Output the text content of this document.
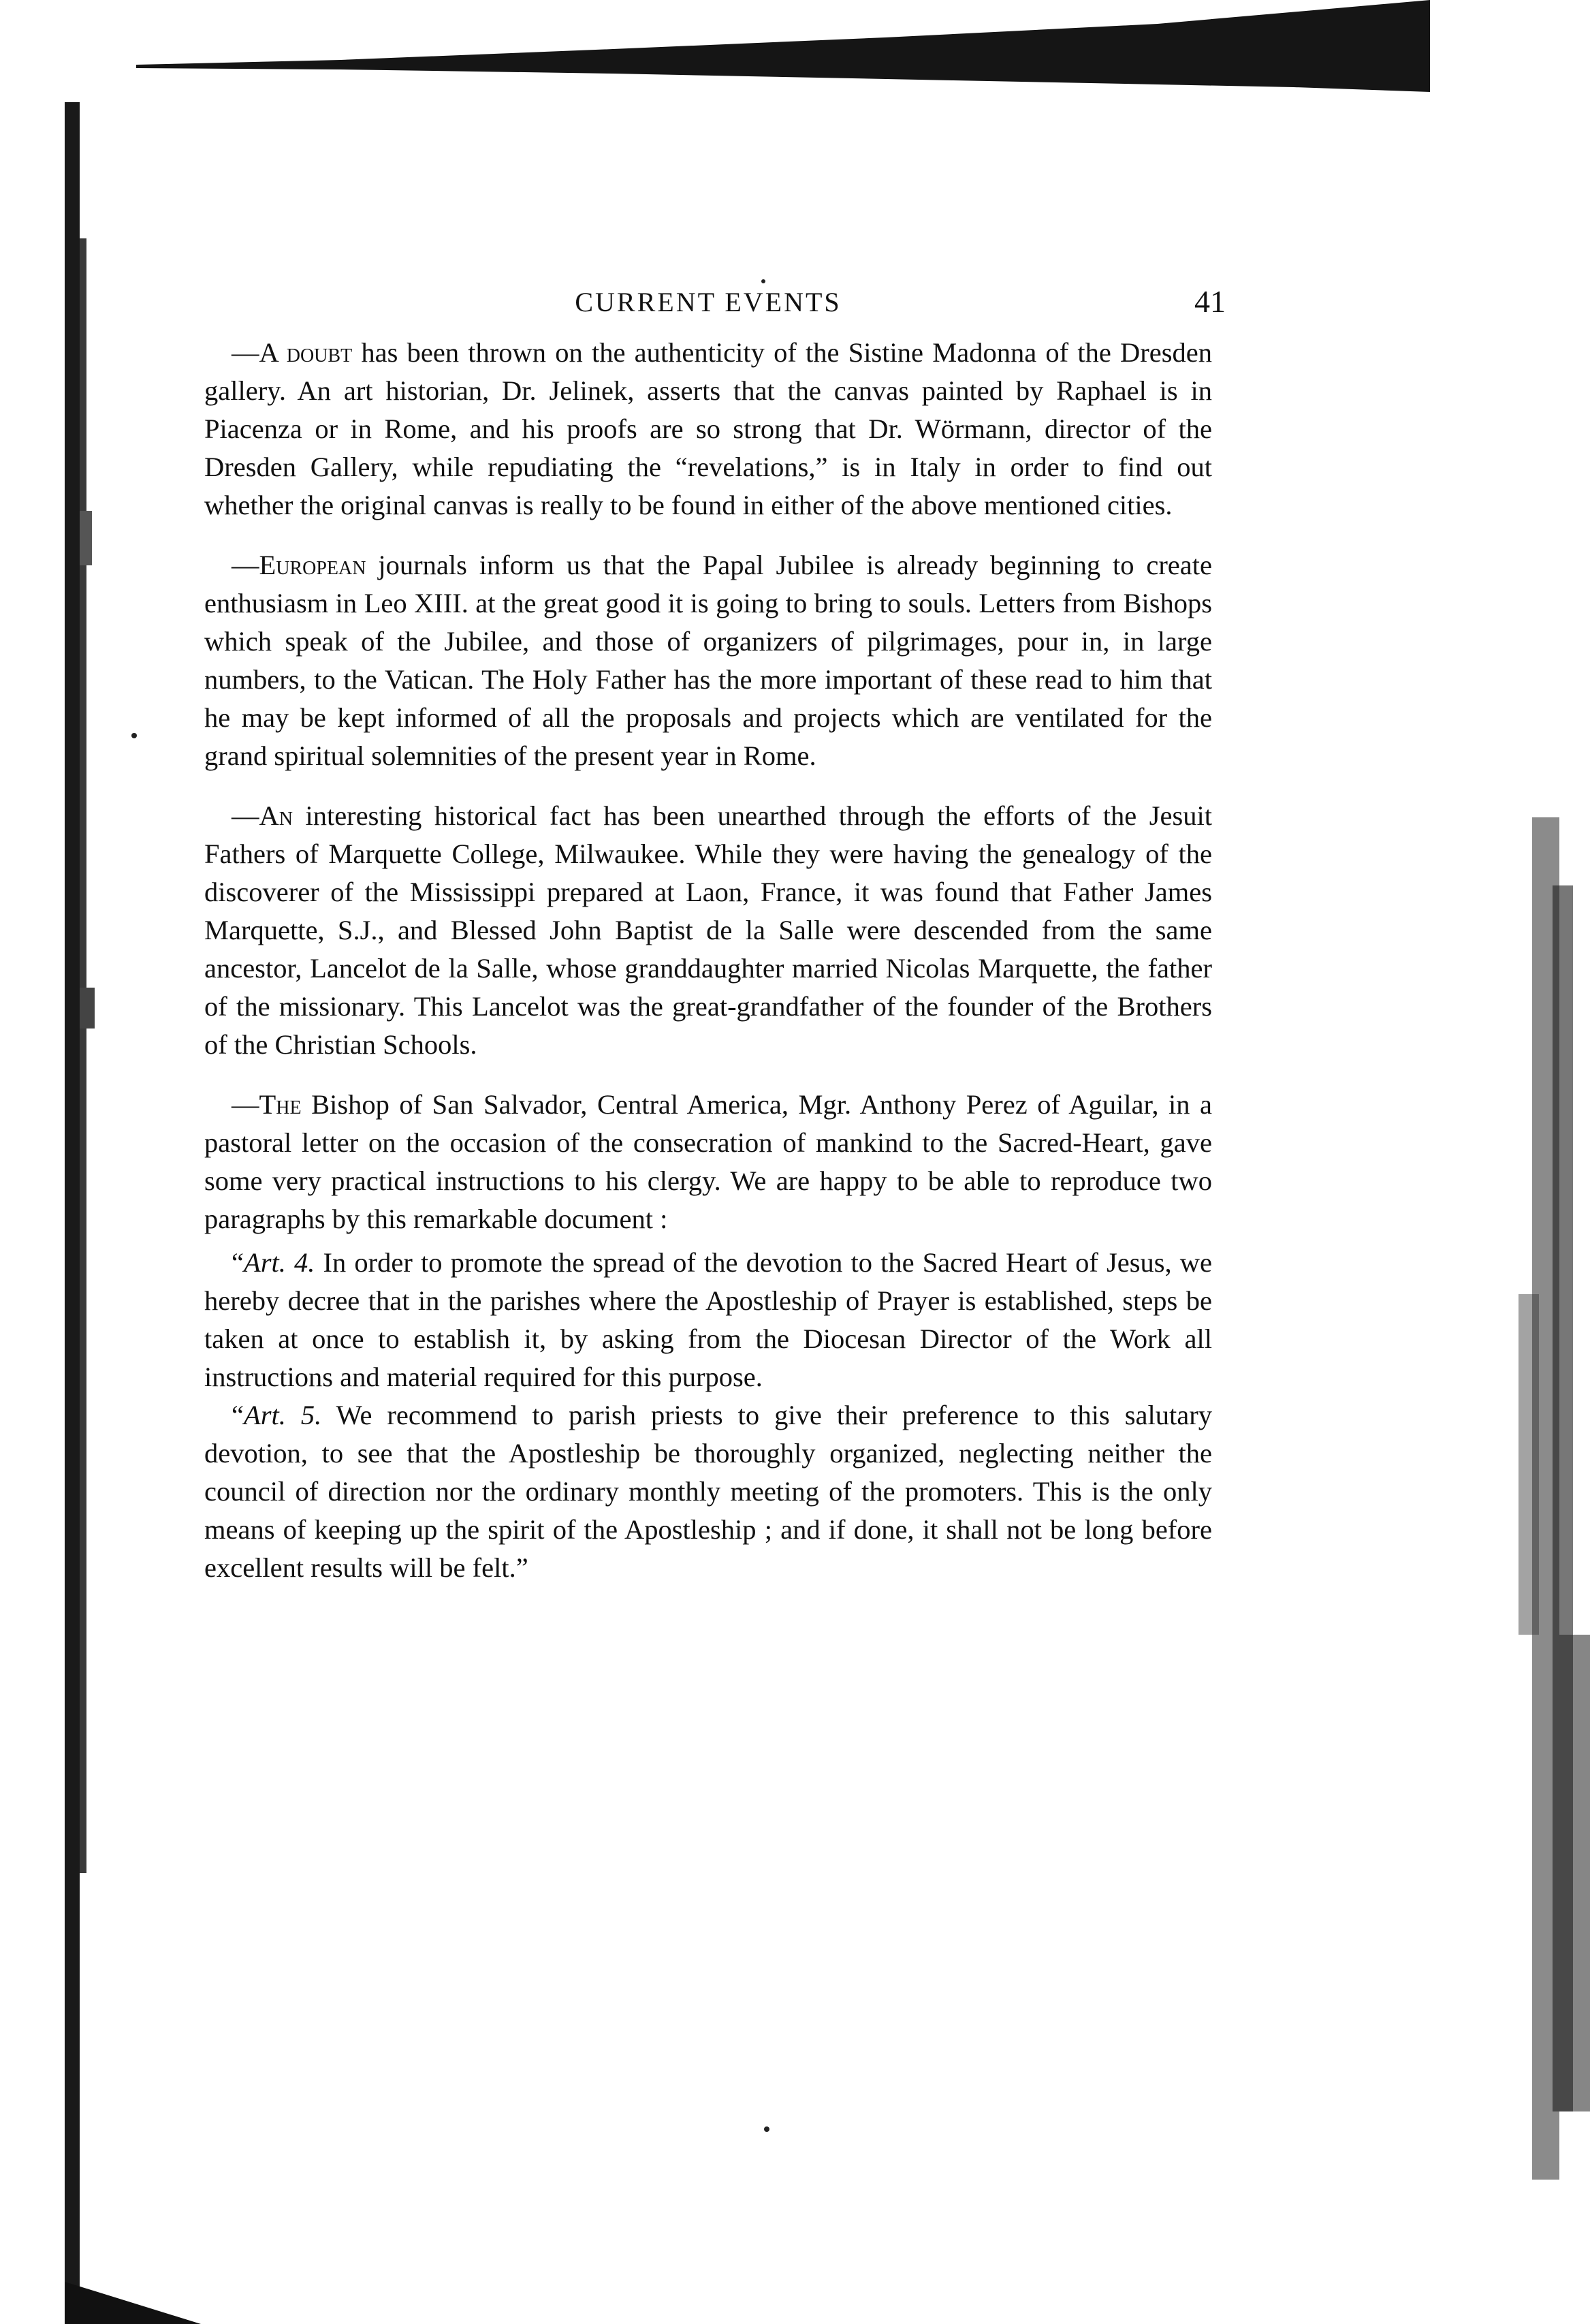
CURRENT EVENTS	41

—A doubt has been thrown on the authenticity of the Sistine Madonna of the Dresden gallery. An art historian, Dr. Jelinek, asserts that the canvas painted by Raphael is in Piacenza or in Rome, and his proofs are so strong that Dr. Wörmann, director of the Dresden Gallery, while repudiating the “revelations,” is in Italy in order to find out whether the original canvas is really to be found in either of the above mentioned cities.

—European journals inform us that the Papal Jubilee is already beginning to create enthusiasm in Leo XIII. at the great good it is going to bring to souls. Letters from Bishops which speak of the Jubilee, and those of organizers of pilgrimages, pour in, in large numbers, to the Vatican. The Holy Father has the more important of these read to him that he may be kept informed of all the proposals and projects which are ventilated for the grand spiritual solemnities of the present year in Rome.

—An interesting historical fact has been unearthed through the efforts of the Jesuit Fathers of Marquette College, Milwaukee. While they were having the genealogy of the discoverer of the Mississippi prepared at Laon, France, it was found that Father James Marquette, S.J., and Blessed John Baptist de la Salle were descended from the same ancestor, Lancelot de la Salle, whose granddaughter married Nicolas Marquette, the father of the missionary. This Lancelot was the great-grandfather of the founder of the Brothers of the Christian Schools.

—The Bishop of San Salvador, Central America, Mgr. Anthony Perez of Aguilar, in a pastoral letter on the occasion of the consecration of mankind to the Sacred-Heart, gave some very practical instructions to his clergy. We are happy to be able to reproduce two paragraphs by this remarkable document :

“Art. 4. In order to promote the spread of the devotion to the Sacred Heart of Jesus, we hereby decree that in the parishes where the Apostleship of Prayer is established, steps be taken at once to establish it, by asking from the Diocesan Director of the Work all instructions and material required for this purpose.

“Art. 5. We recommend to parish priests to give their preference to this salutary devotion, to see that the Apostleship be thoroughly organized, neglecting neither the council of direction nor the ordinary monthly meeting of the promoters. This is the only means of keeping up the spirit of the Apostleship ; and if done, it shall not be long before excellent results will be felt.”
